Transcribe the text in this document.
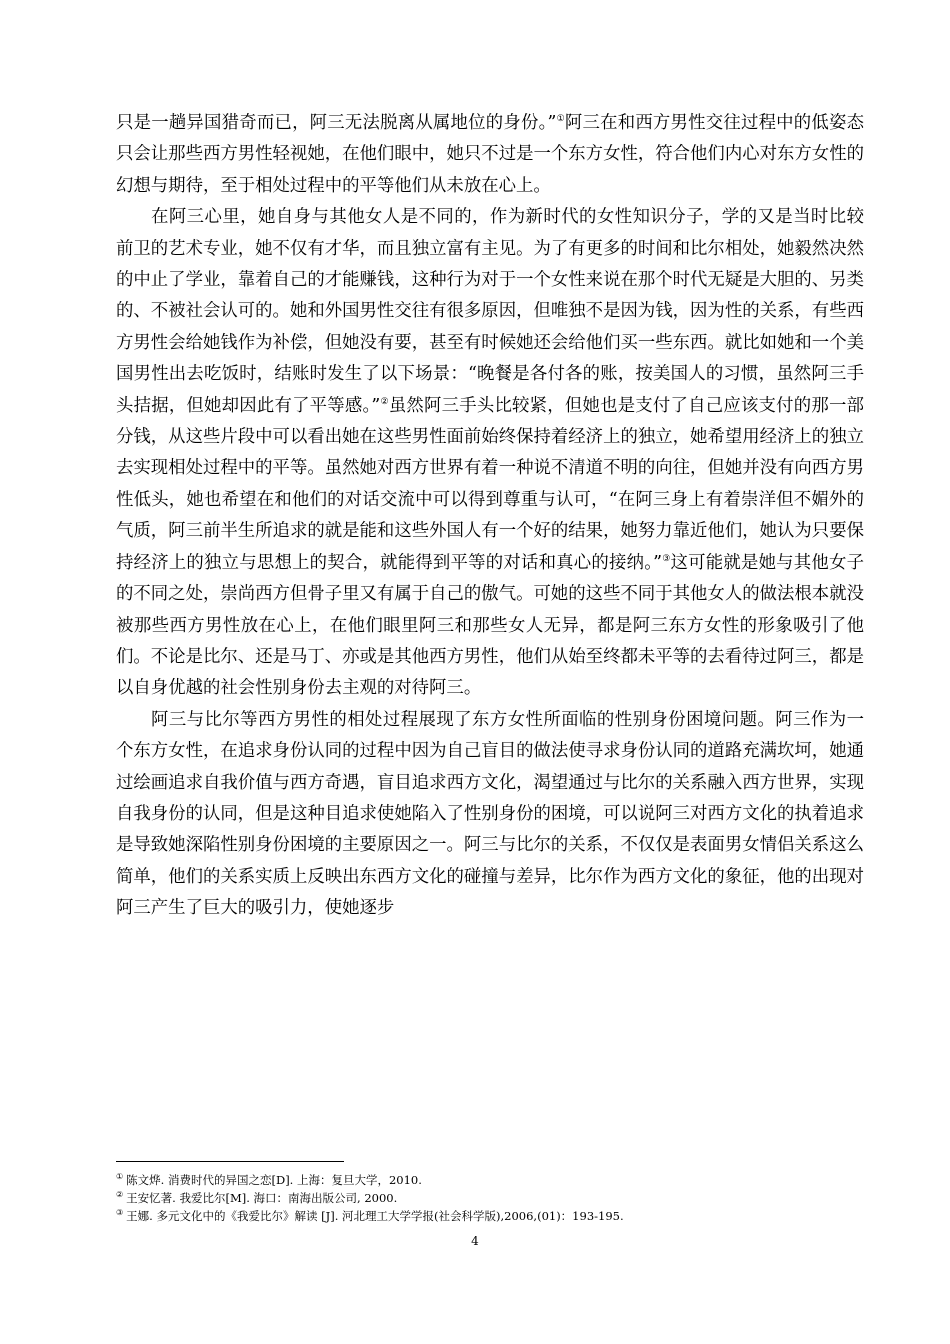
只是一趟异国猎奇而已，阿三无法脱离从属地位的身份。”①阿三在和西方男性交往过程中的低姿态只会让那些西方男性轻视她，在他们眼中，她只不过是一个东方女性，符合他们内心对东方女性的幻想与期待，至于相处过程中的平等他们从未放在心上。

在阿三心里，她自身与其他女人是不同的，作为新时代的女性知识分子，学的又是当时比较前卫的艺术专业，她不仅有才华，而且独立富有主见。为了有更多的时间和比尔相处，她毅然决然的中止了学业，靠着自己的才能赚钱，这种行为对于一个女性来说在那个时代无疑是大胆的、另类的、不被社会认可的。她和外国男性交往有很多原因，但唯独不是因为钱，因为性的关系，有些西方男性会给她钱作为补偿，但她没有要，甚至有时候她还会给他们买一些东西。就比如她和一个美国男性出去吃饭时，结账时发生了以下场景：“晚餐是各付各的账，按美国人的习惯，虽然阿三手头拮据，但她却因此有了平等感。”②虽然阿三手头比较紧，但她也是支付了自己应该支付的那一部分钱，从这些片段中可以看出她在这些男性面前始终保持着经济上的独立，她希望用经济上的独立去实现相处过程中的平等。虽然她对西方世界有着一种说不清道不明的向往，但她并没有向西方男性低头，她也希望在和他们的对话交流中可以得到尊重与认可，“在阿三身上有着崇洋但不媚外的气质，阿三前半生所追求的就是能和这些外国人有一个好的结果，她努力靠近他们，她认为只要保持经济上的独立与思想上的契合，就能得到平等的对话和真心的接纳。”③这可能就是她与其他女子的不同之处，崇尚西方但骨子里又有属于自己的傲气。可她的这些不同于其他女人的做法根本就没被那些西方男性放在心上，在他们眼里阿三和那些女人无异，都是阿三东方女性的形象吸引了他们。不论是比尔、还是马丁、亦或是其他西方男性，他们从始至终都未平等的去看待过阿三，都是以自身优越的社会性别身份去主观的对待阿三。

阿三与比尔等西方男性的相处过程展现了东方女性所面临的性别身份困境问题。阿三作为一个东方女性，在追求身份认同的过程中因为自己盲目的做法使寻求身份认同的道路充满坎坷，她通过绘画追求自我价值与西方奇遇，盲目追求西方文化，渴望通过与比尔的关系融入西方世界，实现自我身份的认同，但是这种目追求使她陷入了性别身份的困境，可以说阿三对西方文化的执着追求是导致她深陷性别身份困境的主要原因之一。阿三与比尔的关系，不仅仅是表面男女情侣关系这么简单，他们的关系实质上反映出东西方文化的碰撞与差异，比尔作为西方文化的象征，他的出现对阿三产生了巨大的吸引力，使她逐步

① 陈文烨. 消费时代的异国之恋[D]. 上海：复旦大学，2010.

② 王安忆著. 我爱比尔[M]. 海口：南海出版公司, 2000.

③ 王娜. 多元文化中的《我爱比尔》解读 [J]. 河北理工大学学报(社会科学版),2006,(01)：193-195.

4
